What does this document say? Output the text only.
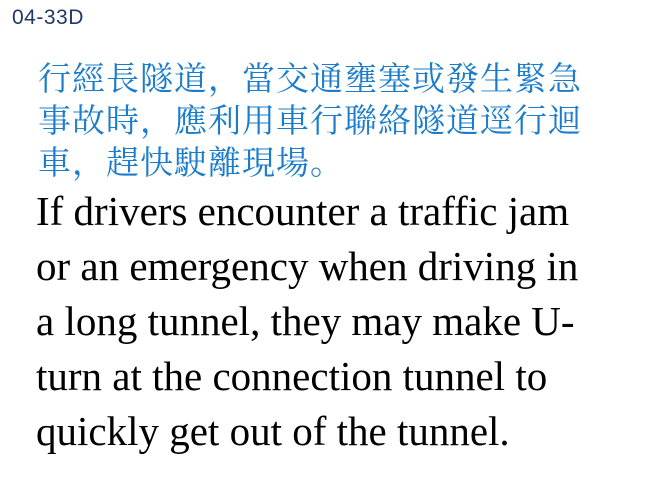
04-33D
行經長隧道，當交通壅塞或發生緊急
事故時，應利用車行聯絡隧道逕行迴
車，趕快駛離現場。
If drivers encounter a traffic jam
or an emergency when driving in
a long tunnel, they may make U-
turn at the connection tunnel to
quickly get out of the tunnel.
